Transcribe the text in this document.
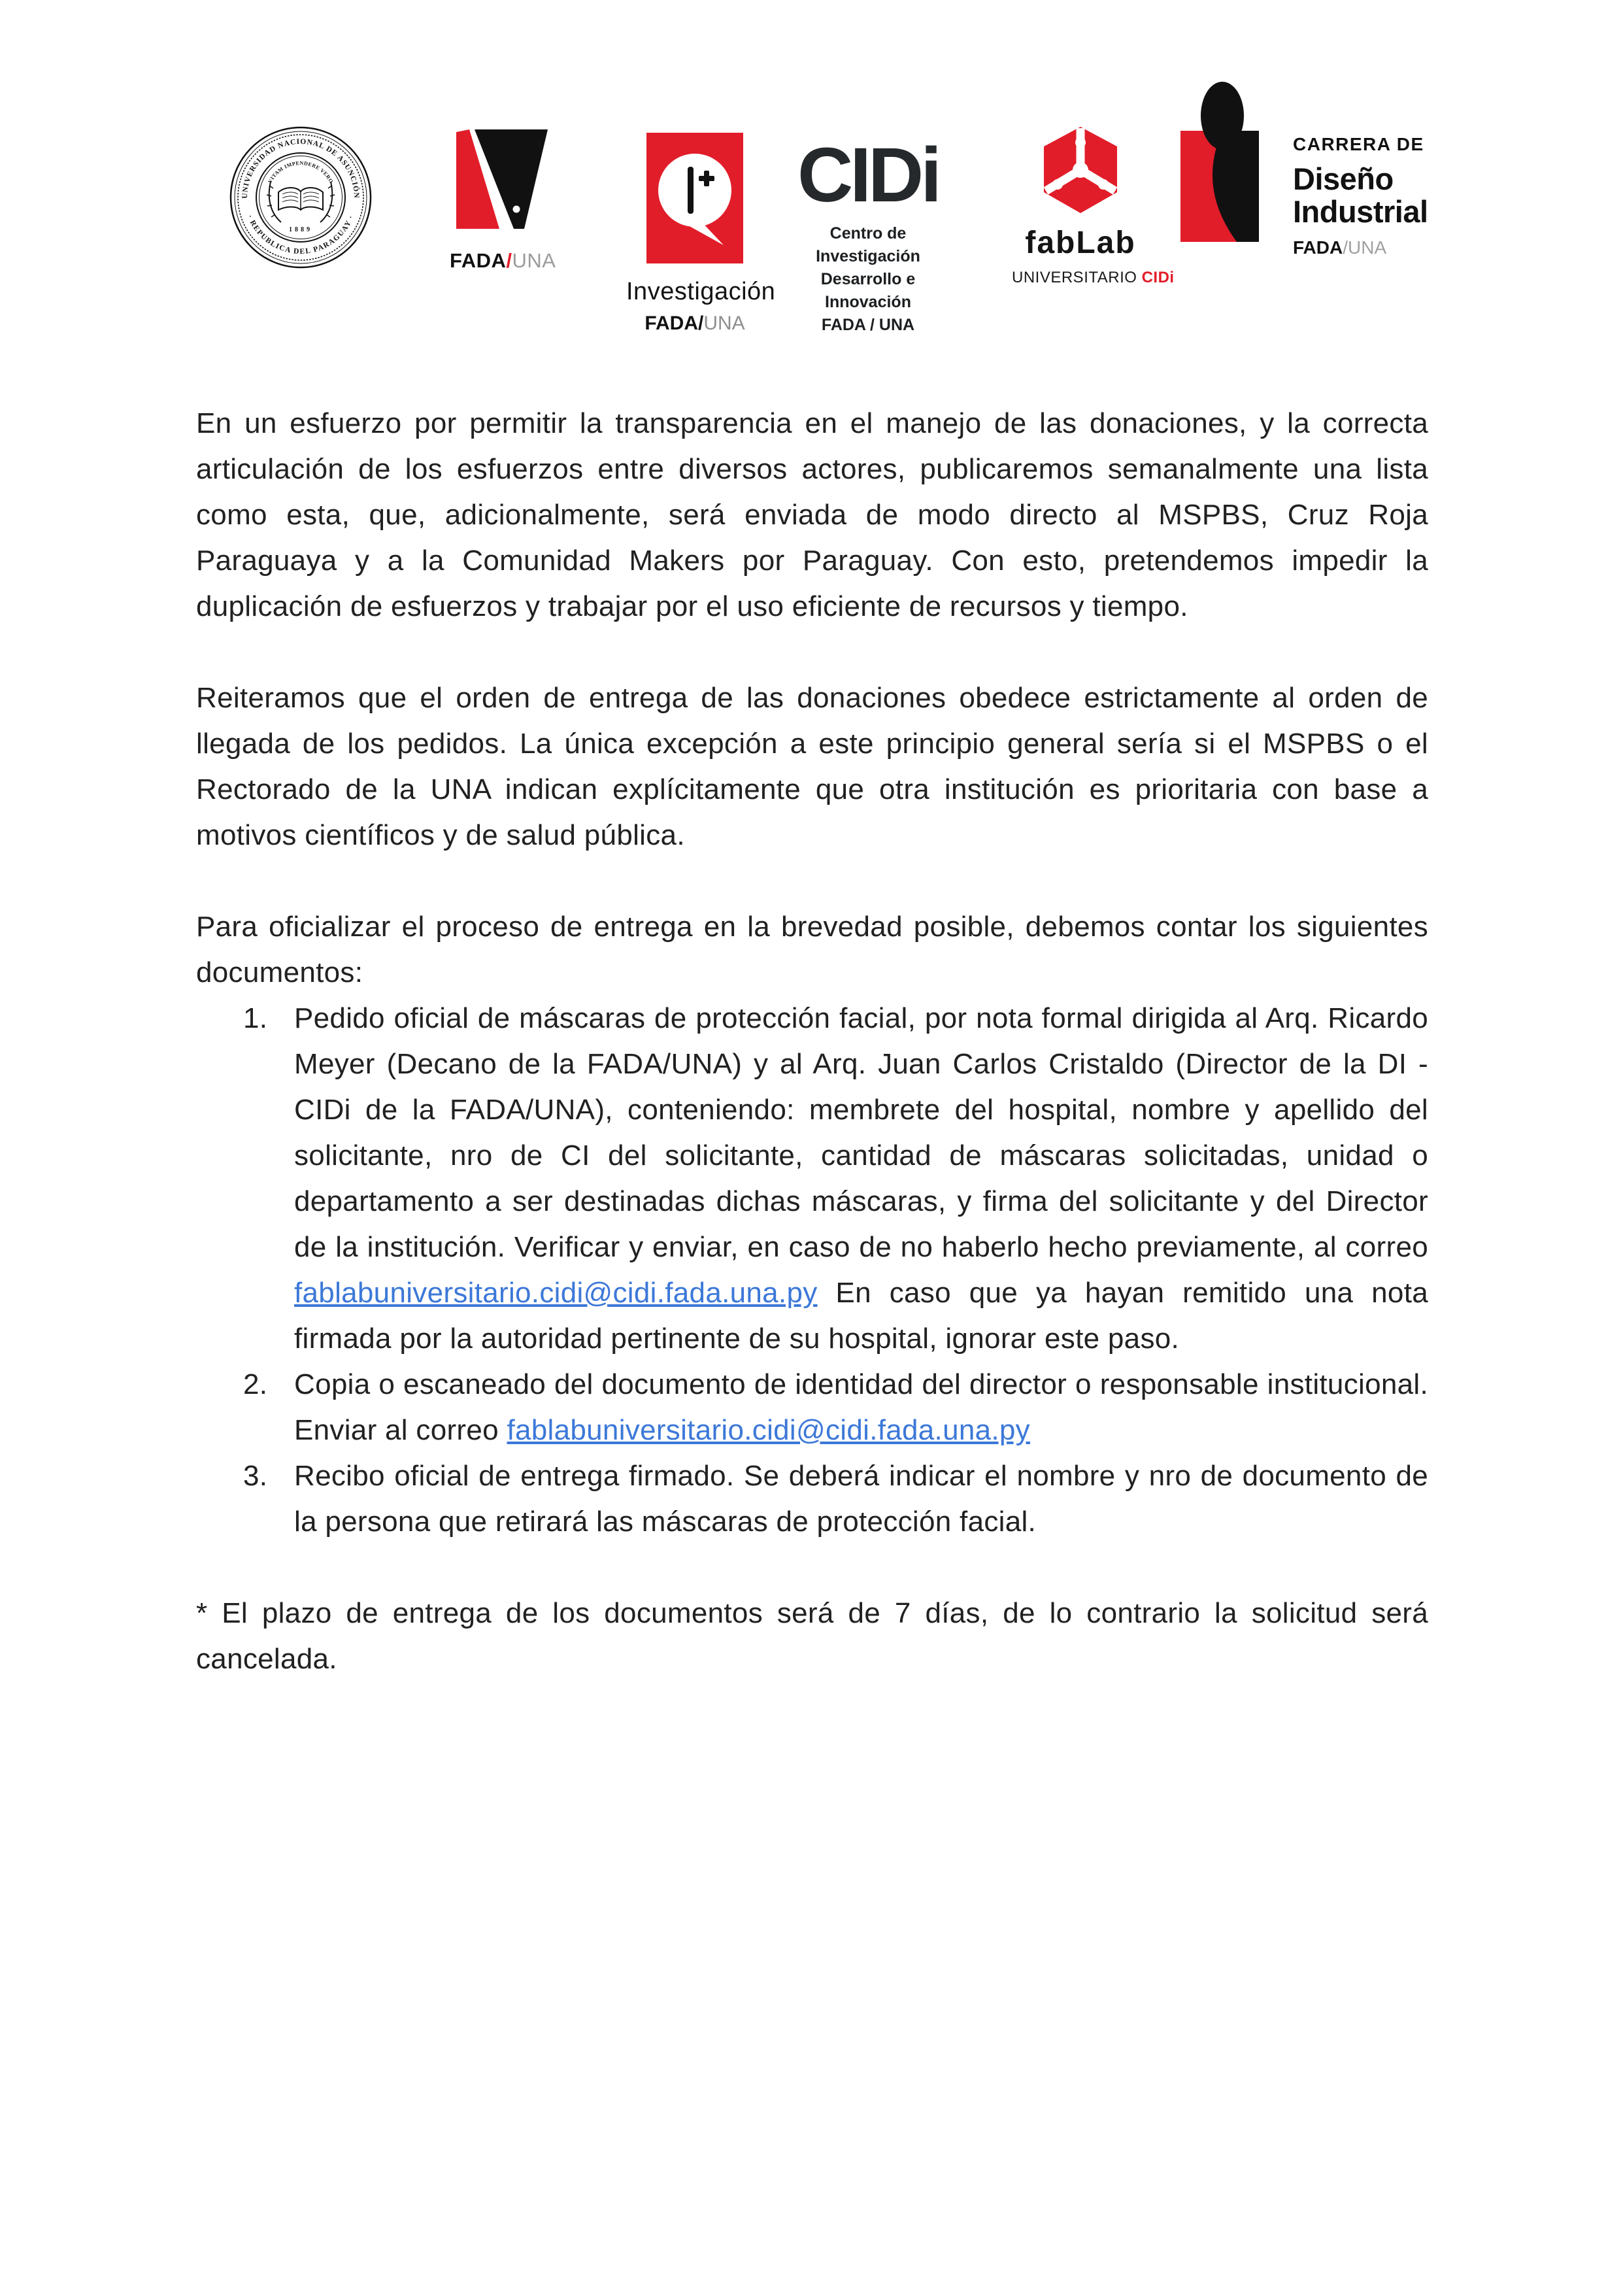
UNIVERSIDAD NACIONAL DE ASUNCIÓN
· REPUBLICA DEL PARAGUAY ·
VITAM IMPENDERE VERO
1889
FADA/UNA
Investigación
FADA/UNA
CIDi
Centro de Investigación
Desarrollo e Innovación
FADA / UNA
fabLab
UNIVERSITARIO CIDi
CARRERA DE
Diseño
Industrial
FADA/UNA

En un esfuerzo por permitir la transparencia en el manejo de las donaciones, y la correcta articulación de los esfuerzos entre diversos actores, publicaremos semanalmente una lista como esta, que, adicionalmente, será enviada de modo directo al MSPBS, Cruz Roja Paraguaya y a la Comunidad Makers por Paraguay. Con esto, pretendemos impedir la duplicación de esfuerzos y trabajar por el uso eficiente de recursos y tiempo.

Reiteramos que el orden de entrega de las donaciones obedece estrictamente al orden de llegada de los pedidos. La única excepción a este principio general sería si el MSPBS o el Rectorado de la UNA indican explícitamente que otra institución es prioritaria con base a motivos científicos y de salud pública.

Para oficializar el proceso de entrega en la brevedad posible, debemos contar los siguientes documentos:

1. Pedido oficial de máscaras de protección facial, por nota formal dirigida al Arq. Ricardo Meyer (Decano de la FADA/UNA) y al Arq. Juan Carlos Cristaldo (Director de la DI - CIDi de la FADA/UNA), conteniendo: membrete del hospital, nombre y apellido del solicitante, nro de CI del solicitante, cantidad de máscaras solicitadas, unidad o departamento a ser destinadas dichas máscaras, y firma del solicitante y del Director de la institución. Verificar y enviar, en caso de no haberlo hecho previamente, al correo fablabuniversitario.cidi@cidi.fada.una.py En caso que ya hayan remitido una nota firmada por la autoridad pertinente de su hospital, ignorar este paso.
2. Copia o escaneado del documento de identidad del director o responsable institucional. Enviar al correo fablabuniversitario.cidi@cidi.fada.una.py
3. Recibo oficial de entrega firmado. Se deberá indicar el nombre y nro de documento de la persona que retirará las máscaras de protección facial.

* El plazo de entrega de los documentos será de 7 días, de lo contrario la solicitud será cancelada.
